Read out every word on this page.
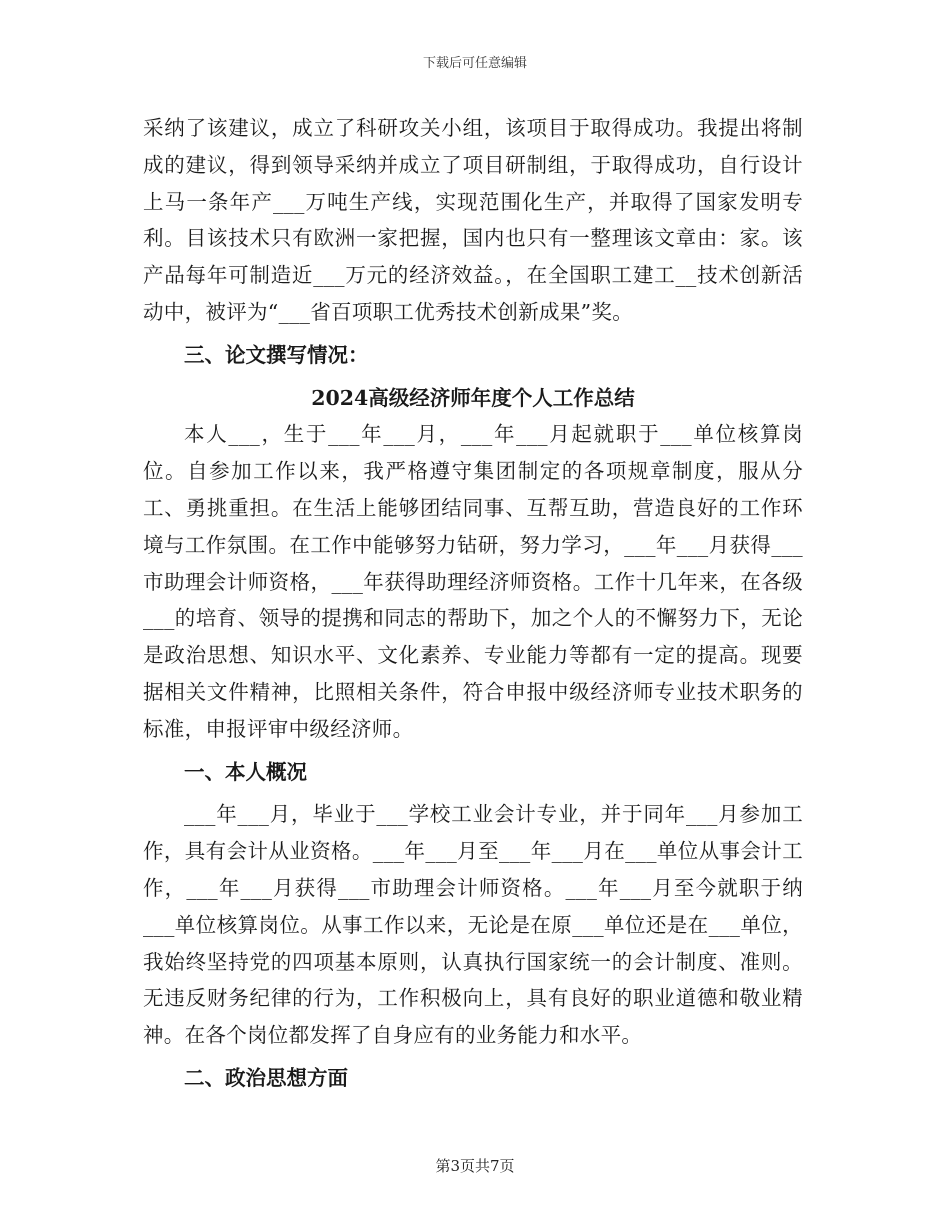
下载后可任意编辑

采纳了该建议，成立了科研攻关小组，该项目于取得成功。我提出将制成的建议，得到领导采纳并成立了项目研制组，于取得成功，自行设计上马一条年产___万吨生产线，实现范围化生产，并取得了国家发明专利。目该技术只有欧洲一家把握，国内也只有一整理该文章由：家。该产品每年可制造近___万元的经济效益。，在全国职工建工__技术创新活动中，被评为“___省百项职工优秀技术创新成果”奖。

三、论文撰写情况：
2024高级经济师年度个人工作总结

本人___，生于___年___月，___年___月起就职于___单位核算岗位。自参加工作以来，我严格遵守集团制定的各项规章制度，服从分工、勇挑重担。在生活上能够团结同事、互帮互助，营造良好的工作环境与工作氛围。在工作中能够努力钻研，努力学习，___年___月获得___市助理会计师资格，___年获得助理经济师资格。工作十几年来，在各级___的培育、领导的提携和同志的帮助下，加之个人的不懈努力下，无论是政治思想、知识水平、文化素养、专业能力等都有一定的提高。现要据相关文件精神，比照相关条件，符合申报中级经济师专业技术职务的标准，申报评审中级经济师。

一、本人概况

___年___月，毕业于___学校工业会计专业，并于同年___月参加工作，具有会计从业资格。___年___月至___年___月在___单位从事会计工作，___年___月获得___市助理会计师资格。___年___月至今就职于纳___单位核算岗位。从事工作以来，无论是在原___单位还是在___单位，我始终坚持党的四项基本原则，认真执行国家统一的会计制度、准则。无违反财务纪律的行为，工作积极向上，具有良好的职业道德和敬业精神。在各个岗位都发挥了自身应有的业务能力和水平。

二、政治思想方面
第3页共7页
